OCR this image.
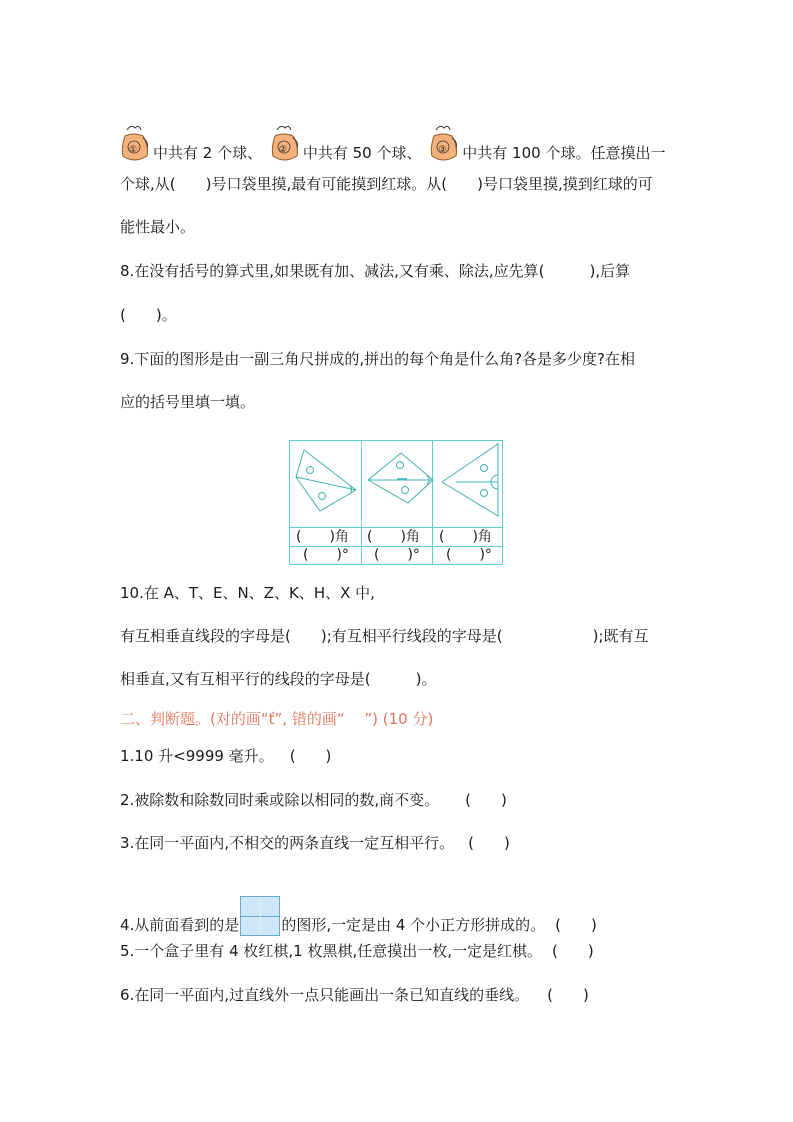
① 中共有 2 个球、 ② 中共有 50 个球、 ③ 中共有 100 个球。任意摸出一
个球,从(　　)号口袋里摸,最有可能摸到红球。从(　　)号口袋里摸,摸到红球的可
能性最小。
8.在没有括号的算式里,如果既有加、减法,又有乘、除法,应先算(　　　),后算
(　　)。
9.下面的图形是由一副三角尺拼成的,拼出的每个角是什么角?各是多少度?在相
应的括号里填一填。
(　　)角 (　　)角 (　　)角
(　　)° (　　)° (　　)°
10.在 A、T、E、N、Z、K、H、X 中,
有互相垂直线段的字母是(　　);有互相平行线段的字母是(　　　　　　);既有互
相垂直,又有互相平行的线段的字母是(　　　)。
二、判断题。(对的画“ť”, 错的画“　 ”) (10 分)
1.10 升<9999 毫升。 (　　)
2.被除数和除数同时乘或除以相同的数,商不变。 (　　)
3.在同一平面内,不相交的两条直线一定互相平行。 (　　)
4.从前面看到的是	的图形,一定是由 4 个小正方形拼成的。 (　　)
5.一个盒子里有 4 枚红棋,1 枚黑棋,任意摸出一枚,一定是红棋。 (　　)
6.在同一平面内,过直线外一点只能画出一条已知直线的垂线。 (　　)
